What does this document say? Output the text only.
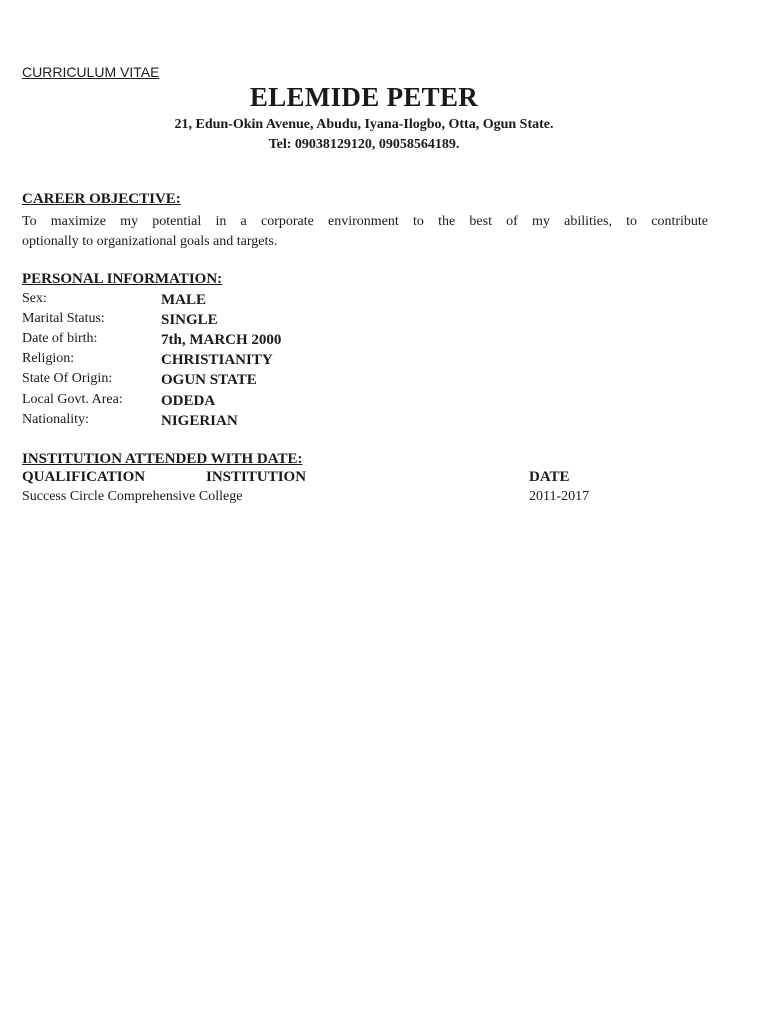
CURRICULUM VITAE
ELEMIDE PETER
21, Edun-Okin Avenue, Abudu, Iyana-Ilogbo, Otta, Ogun State.
Tel: 09038129120, 09058564189.
CAREER OBJECTIVE:
To maximize my potential in a corporate environment to the best of my abilities, to contribute
optionally to organizational goals and targets.
PERSONAL INFORMATION:
Sex:	MALE
Marital Status:	SINGLE
Date of birth:	7th, MARCH 2000
Religion:	CHRISTIANITY
State Of Origin:	OGUN STATE
Local Govt. Area:	ODEDA
Nationality:	NIGERIAN
INSTITUTION ATTENDED WITH DATE:
QUALIFICATION	INSTITUTION	DATE
Success Circle Comprehensive College	2011-2017
